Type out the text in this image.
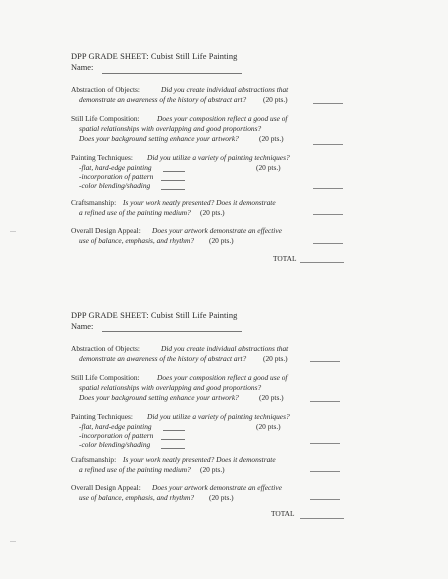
DPP GRADE SHEET: Cubist Still Life Painting
Name:
Abstraction of Objects:	Did you create individual abstractions that
demonstrate an awareness of the history of abstract art? (20 pts.)
Still Life Composition: Does your composition reflect a good use of
spatial relationships with overlapping and good proportions?
Does your background setting enhance your artwork?	(20 pts.)
Painting Techniques: Did you utilize a variety of painting techniques?
-flat, hard-edge painting	(20 pts.)
-incorporation of pattern
-color blending/shading
Craftsmanship: Is your work neatly presented? Does it demonstrate
a refined use of the painting medium? (20 pts.)
Overall Design Appeal: Does your artwork demonstrate an effective
use of balance, emphasis, and rhythm? (20 pts.)
TOTAL
DPP GRADE SHEET: Cubist Still Life Painting
Name:
Abstraction of Objects:	Did you create individual abstractions that
demonstrate an awareness of the history of abstract art? (20 pts.)
Still Life Composition: Does your composition reflect a good use of
spatial relationships with overlapping and good proportions?
Does your background setting enhance your artwork?	(20 pts.)
Painting Techniques: Did you utilize a variety of painting techniques?
-flat, hard-edge painting	(20 pts.)
-incorporation of pattern
-color blending/shading
Craftsmanship: Is your work neatly presented? Does it demonstrate
a refined use of the painting medium? (20 pts.)
Overall Design Appeal: Does your artwork demonstrate an effective
use of balance, emphasis, and rhythm? (20 pts.)
TOTAL
